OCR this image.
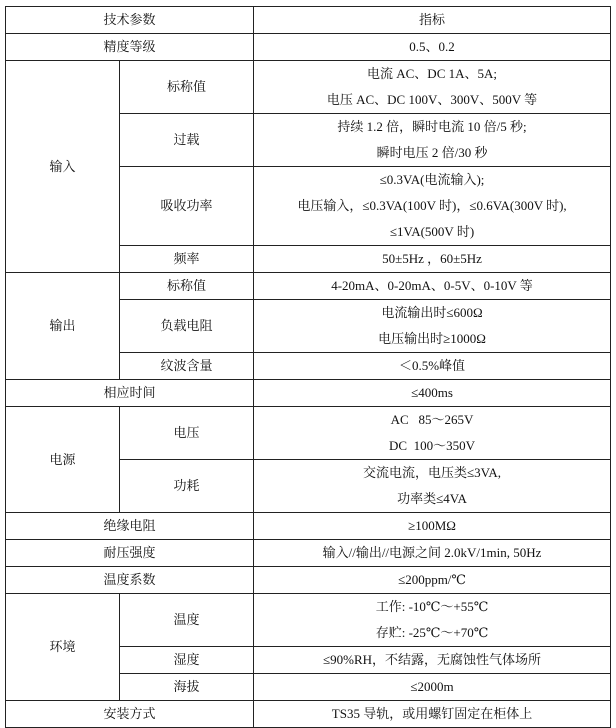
技术参数		指标
精度等级		0.5、0.2
输入	标称值	电流 AC、DC 1A、5A;
电压 AC、DC 100V、300V、500V 等

	过载	持续 1.2 倍，瞬时电流 10 倍/5 秒;
瞬时电压 2 倍/30 秒

	吸收功率	≤0.3VA(电流输入);
电压输入，≤0.3VA(100V 时)，≤0.6VA(300V 时),
≤1VA(500V 时)

	频率	50±5Hz ，60±5Hz
输出	标称值	4-20mA、0-20mA、0-5V、0-10V 等
	负载电阻	电流输出时≤600Ω
电压输出时≥1000Ω

	纹波含量	＜0.5%峰值
相应时间		≤400ms
电源	电压	AC   85～265V
DC  100～350V

	功耗	交流电流，电压类≤3VA,
功率类≤4VA

绝缘电阻		≥100MΩ
耐压强度		输入//输出//电源之间 2.0kV/1min, 50Hz
温度系数		≤200ppm/℃
环境	温度	工作: -10℃～+55℃
存贮: -25℃～+70℃

	湿度	≤90%RH，不结露，无腐蚀性气体场所
	海拔	≤2000m
安装方式		TS35 导轨，或用螺钉固定在柜体上
